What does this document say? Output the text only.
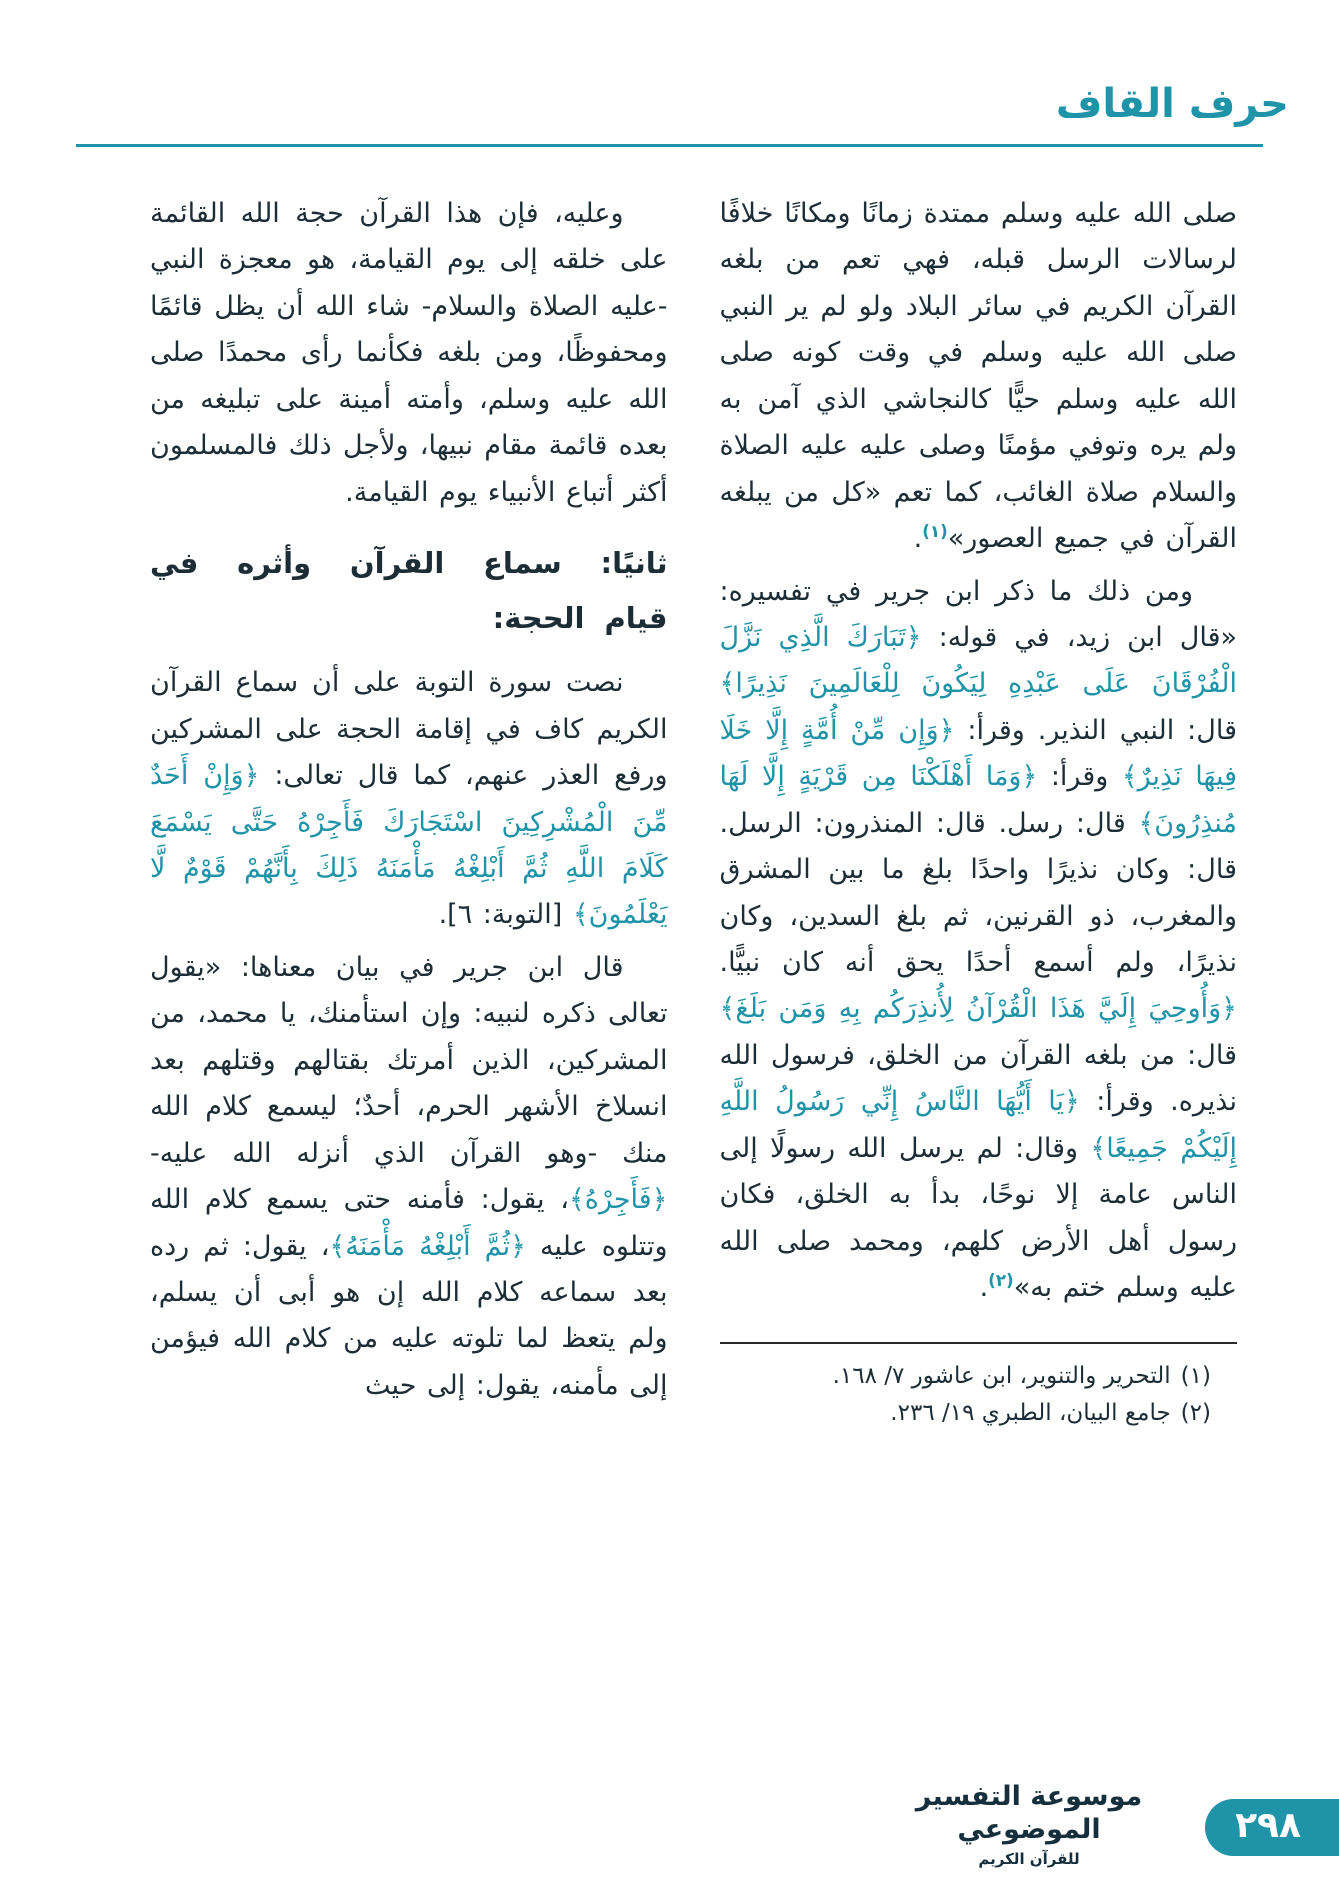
حرف القاف
صلى الله عليه وسلم ممتدة زمانًا ومكانًا خلافًا لرسالات الرسل قبله، فهي تعم من بلغه القرآن الكريم في سائر البلاد ولو لم ير النبي صلى الله عليه وسلم في وقت كونه صلى الله عليه وسلم حيًّا كالنجاشي الذي آمن به ولم يره وتوفي مؤمنًا وصلى عليه عليه الصلاة والسلام صلاة الغائب، كما تعم «كل من يبلغه القرآن في جميع العصور»$^{(١)}$.
ومن ذلك ما ذكر ابن جرير في تفسيره: «قال ابن زيد، في قوله: ﴿تَبَارَكَ الَّذِي نَزَّلَ الْفُرْقَانَ عَلَى عَبْدِهِ لِيَكُونَ لِلْعَالَمِينَ نَذِيرًا﴾ قال: النبي النذير. وقرأ: ﴿وَإِن مِّنْ أُمَّةٍ إِلَّا خَلَا فِيهَا نَذِيرٌ﴾ وقرأ: ﴿وَمَا أَهْلَكْنَا مِن قَرْيَةٍ إِلَّا لَهَا مُنذِرُونَ﴾ قال: رسل. قال: المنذرون: الرسل. قال: وكان نذيرًا واحدًا بلغ ما بين المشرق والمغرب، ذو القرنين، ثم بلغ السدين، وكان نذيرًا، ولم أسمع أحدًا يحق أنه كان نبيًّا. ﴿وَأُوحِيَ إِلَيَّ هَذَا الْقُرْآنُ لِأُنذِرَكُم بِهِ وَمَن بَلَغَ﴾ قال: من بلغه القرآن من الخلق، فرسول الله نذيره. وقرأ: ﴿يَا أَيُّهَا النَّاسُ إِنِّي رَسُولُ اللَّهِ إِلَيْكُمْ جَمِيعًا﴾ وقال: لم يرسل الله رسولًا إلى الناس عامة إلا نوحًا، بدأ به الخلق، فكان رسول أهل الأرض كلهم، ومحمد صلى الله عليه وسلم ختم به»$^{(٢)}$.
(١)التحرير والتنوير، ابن عاشور ٧/ ١٦٨.
(٢)جامع البيان، الطبري ١٩/ ٢٣٦.
وعليه، فإن هذا القرآن حجة الله القائمة على خلقه إلى يوم القيامة، هو معجزة النبي -عليه الصلاة والسلام- شاء الله أن يظل قائمًا ومحفوظًا، ومن بلغه فكأنما رأى محمدًا صلى الله عليه وسلم، وأمته أمينة على تبليغه من بعده قائمة مقام نبيها، ولأجل ذلك فالمسلمون أكثر أتباع الأنبياء يوم القيامة.
ثانيًا: سماع القرآن وأثره في قيام الحجة:
نصت سورة التوبة على أن سماع القرآن الكريم كاف في إقامة الحجة على المشركين ورفع العذر عنهم، كما قال تعالى: ﴿وَإِنْ أَحَدٌ مِّنَ الْمُشْرِكِينَ اسْتَجَارَكَ فَأَجِرْهُ حَتَّى يَسْمَعَ كَلَامَ اللَّهِ ثُمَّ أَبْلِغْهُ مَأْمَنَهُ ذَلِكَ بِأَنَّهُمْ قَوْمٌ لَّا يَعْلَمُونَ﴾ [التوبة: ٦].
قال ابن جرير في بيان معناها: «يقول تعالى ذكره لنبيه: وإن استأمنك، يا محمد، من المشركين، الذين أمرتك بقتالهم وقتلهم بعد انسلاخ الأشهر الحرم، أحدٌ؛ ليسمع كلام الله منك -وهو القرآن الذي أنزله الله عليه- ﴿فَأَجِرْهُ﴾، يقول: فأمنه حتى يسمع كلام الله وتتلوه عليه ﴿ثُمَّ أَبْلِغْهُ مَأْمَنَهُ﴾، يقول: ثم رده بعد سماعه كلام الله إن هو أبى أن يسلم، ولم يتعظ لما تلوته عليه من كلام الله فيؤمن إلى مأمنه، يقول: إلى حيث
موسوعة التفسير الموضوعي
للقرآن الكريم
٢٩٨
